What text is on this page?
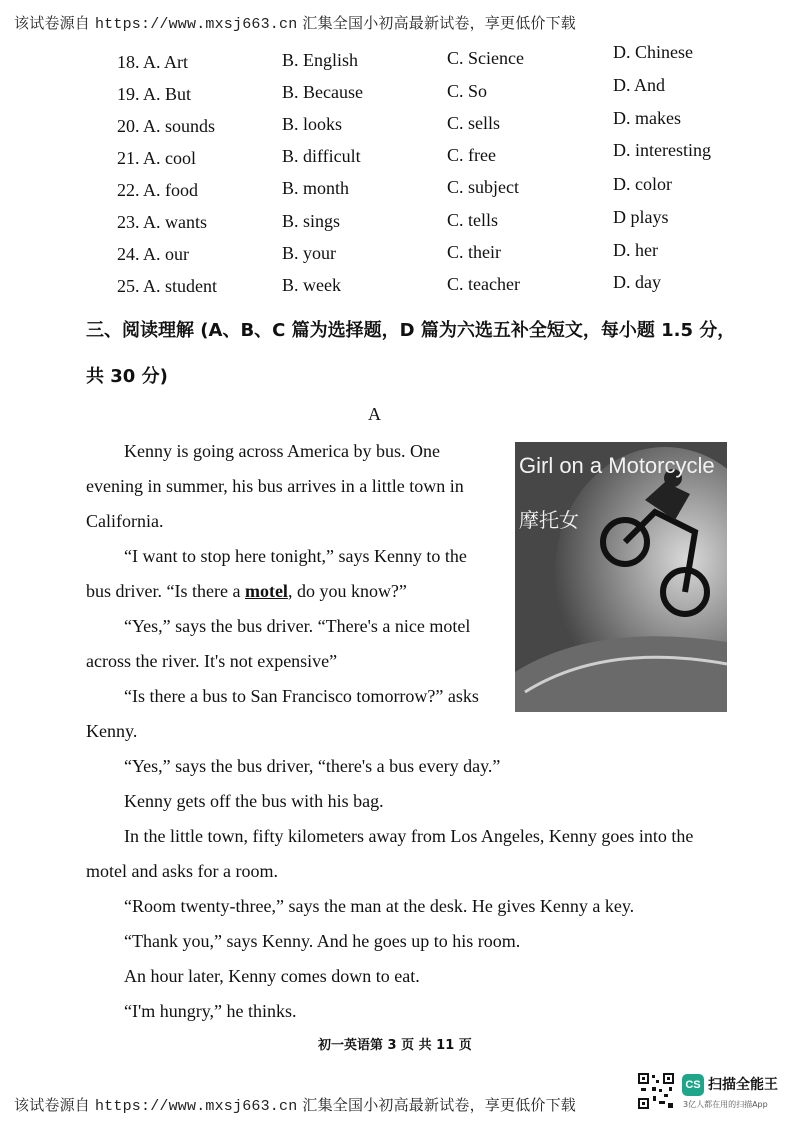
该试卷源自 https://www.mxsj663.cn 汇集全国小初高最新试卷，享更低价下载
18. A. Art	B. English	C. Science	D. Chinese
19. A. But	B. Because	C. So	D. And
20. A. sounds	B. looks	C. sells	D. makes
21. A. cool	B. difficult	C. free	D. interesting
22. A. food	B. month	C. subject	D. color
23. A. wants	B. sings	C. tells	D plays
24. A. our	B. your	C. their	D. her
25. A. student	B. week	C. teacher	D. day
三、阅读理解 (A、B、C 篇为选择题，D 篇为六选五补全短文，每小题 1.5 分，
共 30 分)
A
Kenny is going across America by bus. One
evening in summer, his bus arrives in a little town in
California.
“I want to stop here tonight,” says Kenny to the
bus driver. “Is there a motel, do you know?”
“Yes,” says the bus driver. “There's a nice motel
across the river. It's not expensive”
“Is there a bus to San Francisco tomorrow?” asks
Kenny.
“Yes,” says the bus driver, “there's a bus every day.”
Kenny gets off the bus with his bag.
In the little town, fifty kilometers away from Los Angeles, Kenny goes into the
motel and asks for a room.
“Room twenty-three,” says the man at the desk. He gives Kenny a key.
“Thank you,” says Kenny. And he goes up to his room.
An hour later, Kenny comes down to eat.
“I'm hungry,” he thinks.
Girl on a Motorcycle
摩托女
初一英语第 3 页 共 11 页
该试卷源自 https://www.mxsj663.cn 汇集全国小初高最新试卷，享更低价下载
CS 扫描全能王
3亿人都在用的扫描App
